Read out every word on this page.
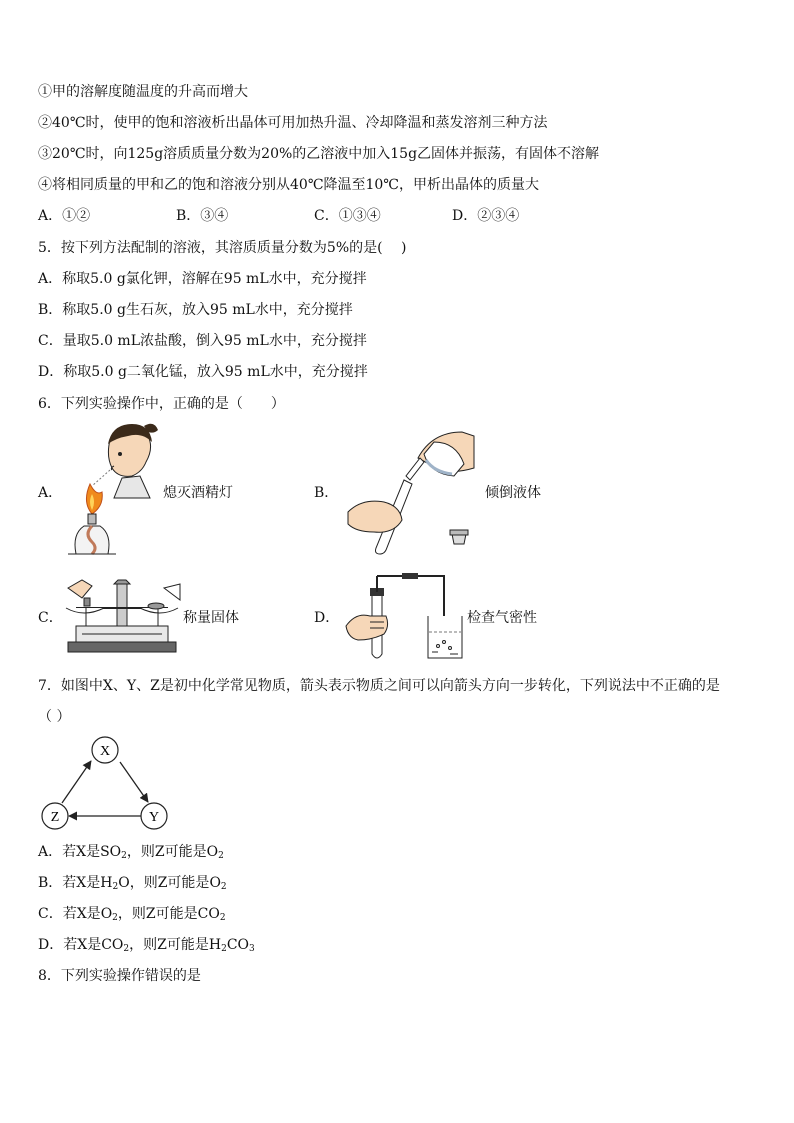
①甲的溶解度随温度的升高而增大
②40℃时，使甲的饱和溶液析出晶体可用加热升温、冷却降温和蒸发溶剂三种方法
③20℃时，向125g溶质质量分数为20%的乙溶液中加入15g乙固体并振荡，有固体不溶解
④将相同质量的甲和乙的饱和溶液分别从40℃降温至10℃，甲析出晶体的质量大
A．①②	B．③④	C．①③④	D．②③④
5．按下列方法配制的溶液，其溶质质量分数为5%的是(　 )
A．称取5.0 g氯化钾，溶解在95 mL水中，充分搅拌
B．称取5.0 g生石灰，放入95 mL水中，充分搅拌
C．量取5.0 mL浓盐酸，倒入95 mL水中，充分搅拌
D．称取5.0 g二氧化锰，放入95 mL水中，充分搅拌
6．下列实验操作中，正确的是（　　）
A．	熄灭酒精灯	B．	倾倒液体
C．	称量固体	D．	检查气密性
7．如图中X、Y、Z是初中化学常见物质，箭头表示物质之间可以向箭头方向一步转化，下列说法中不正确的是
（ ）
X
Y
Z
A．若X是$SO_2$，则Z可能是$O_2$
B．若X是$H_2O$，则Z可能是$O_2$
C．若X是$O_2$，则Z可能是$CO_2$
D．若X是$CO_2$，则Z可能是$H_2CO_3$
8．下列实验操作错误的是
